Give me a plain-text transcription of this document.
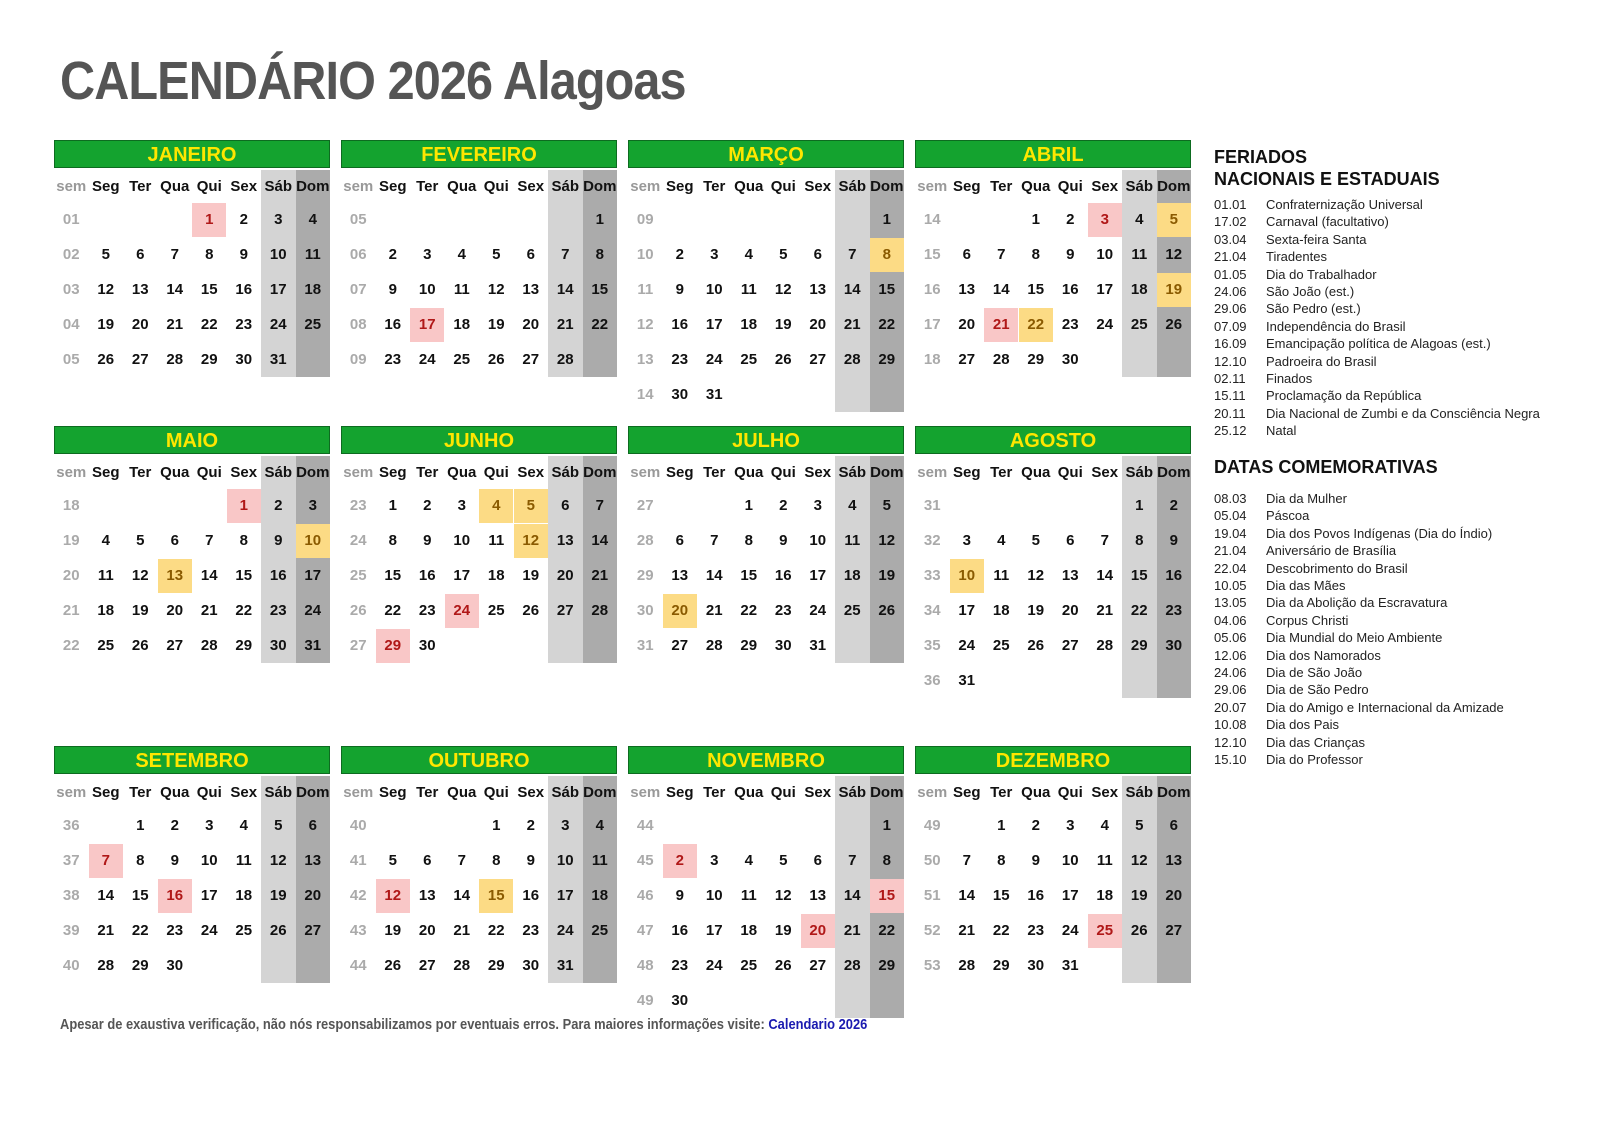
CALENDÁRIO 2026 Alagoas
JANEIRO
sem	Seg	Ter	Qua	Qui	Sex	Sáb	Dom
01				1	2	3	4
02	5	6	7	8	9	10	11
03	12	13	14	15	16	17	18
04	19	20	21	22	23	24	25
05	26	27	28	29	30	31	
FEVEREIRO
sem	Seg	Ter	Qua	Qui	Sex	Sáb	Dom
05							1
06	2	3	4	5	6	7	8
07	9	10	11	12	13	14	15
08	16	17	18	19	20	21	22
09	23	24	25	26	27	28	
MARÇO
sem	Seg	Ter	Qua	Qui	Sex	Sáb	Dom
09							1
10	2	3	4	5	6	7	8
11	9	10	11	12	13	14	15
12	16	17	18	19	20	21	22
13	23	24	25	26	27	28	29
14	30	31					
ABRIL
sem	Seg	Ter	Qua	Qui	Sex	Sáb	Dom
14			1	2	3	4	5
15	6	7	8	9	10	11	12
16	13	14	15	16	17	18	19
17	20	21	22	23	24	25	26
18	27	28	29	30			
MAIO
sem	Seg	Ter	Qua	Qui	Sex	Sáb	Dom
18					1	2	3
19	4	5	6	7	8	9	10
20	11	12	13	14	15	16	17
21	18	19	20	21	22	23	24
22	25	26	27	28	29	30	31
JUNHO
sem	Seg	Ter	Qua	Qui	Sex	Sáb	Dom
23	1	2	3	4	5	6	7
24	8	9	10	11	12	13	14
25	15	16	17	18	19	20	21
26	22	23	24	25	26	27	28
27	29	30					
JULHO
sem	Seg	Ter	Qua	Qui	Sex	Sáb	Dom
27			1	2	3	4	5
28	6	7	8	9	10	11	12
29	13	14	15	16	17	18	19
30	20	21	22	23	24	25	26
31	27	28	29	30	31		
AGOSTO
sem	Seg	Ter	Qua	Qui	Sex	Sáb	Dom
31						1	2
32	3	4	5	6	7	8	9
33	10	11	12	13	14	15	16
34	17	18	19	20	21	22	23
35	24	25	26	27	28	29	30
36	31						
SETEMBRO
sem	Seg	Ter	Qua	Qui	Sex	Sáb	Dom
36		1	2	3	4	5	6
37	7	8	9	10	11	12	13
38	14	15	16	17	18	19	20
39	21	22	23	24	25	26	27
40	28	29	30				
OUTUBRO
sem	Seg	Ter	Qua	Qui	Sex	Sáb	Dom
40				1	2	3	4
41	5	6	7	8	9	10	11
42	12	13	14	15	16	17	18
43	19	20	21	22	23	24	25
44	26	27	28	29	30	31	
NOVEMBRO
sem	Seg	Ter	Qua	Qui	Sex	Sáb	Dom
44							1
45	2	3	4	5	6	7	8
46	9	10	11	12	13	14	15
47	16	17	18	19	20	21	22
48	23	24	25	26	27	28	29
49	30						
DEZEMBRO
sem	Seg	Ter	Qua	Qui	Sex	Sáb	Dom
49		1	2	3	4	5	6
50	7	8	9	10	11	12	13
51	14	15	16	17	18	19	20
52	21	22	23	24	25	26	27
53	28	29	30	31			
FERIADOS
NACIONAIS E ESTADUAIS
01.01 Confraternização Universal
17.02 Carnaval (facultativo)
03.04 Sexta-feira Santa
21.04 Tiradentes
01.05 Dia do Trabalhador
24.06 São João (est.)
29.06 São Pedro (est.)
07.09 Independência do Brasil
16.09 Emancipação política de Alagoas (est.)
12.10 Padroeira do Brasil
02.11 Finados
15.11 Proclamação da República
20.11 Dia Nacional de Zumbi e da Consciência Negra
25.12 Natal
DATAS COMEMORATIVAS
08.03 Dia da Mulher
05.04 Páscoa
19.04 Dia dos Povos Indígenas (Dia do Índio)
21.04 Aniversário de Brasília
22.04 Descobrimento do Brasil
10.05 Dia das Mães
13.05 Dia da Abolição da Escravatura
04.06 Corpus Christi
05.06 Dia Mundial do Meio Ambiente
12.06 Dia dos Namorados
24.06 Dia de São João
29.06 Dia de São Pedro
20.07 Dia do Amigo e Internacional da Amizade
10.08 Dia dos Pais
12.10 Dia das Crianças
15.10 Dia do Professor
Apesar de exaustiva verificação, não nós responsabilizamos por eventuais erros. Para maiores informações visite: Calendario 2026
